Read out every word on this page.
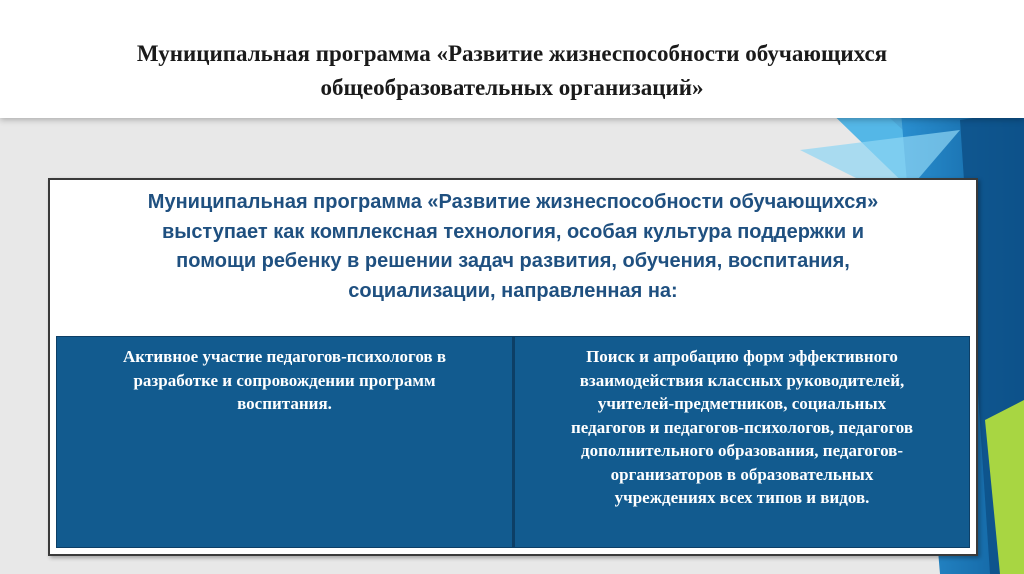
Муниципальная программа «Развитие жизнеспособности обучающихся
общеобразовательных организаций»
Муниципальная программа «Развитие жизнеспособности обучающихся»
выступает как комплексная технология, особая культура поддержки и
помощи ребенку в решении задач развития, обучения, воспитания,
социализации, направленная на:
Активное участие педагогов-психологов в
разработке и сопровождении программ
воспитания.
Поиск и апробацию форм эффективного
взаимодействия классных руководителей,
учителей-предметников, социальных
педагогов и педагогов-психологов, педагогов
дополнительного образования, педагогов-
организаторов в образовательных
учреждениях всех типов и видов.
